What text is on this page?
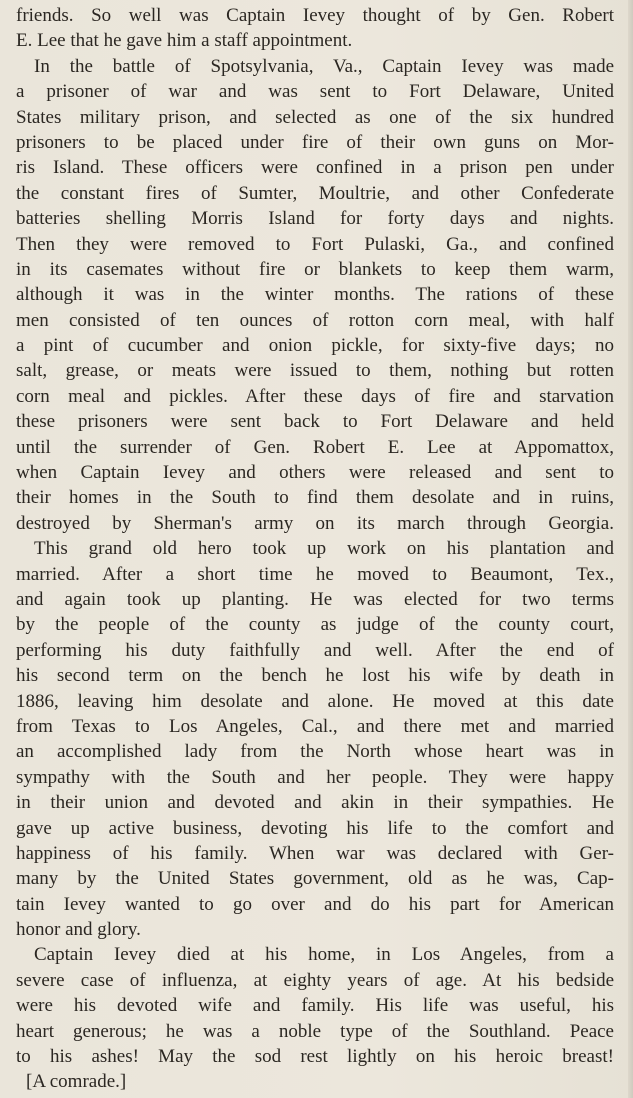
friends. So well was Captain Ievey thought of by Gen. Robert
E. Lee that he gave him a staff appointment.
In the battle of Spotsylvania, Va., Captain Ievey was made
a prisoner of war and was sent to Fort Delaware, United
States military prison, and selected as one of the six hundred
prisoners to be placed under fire of their own guns on Mor-
ris Island. These officers were confined in a prison pen under
the constant fires of Sumter, Moultrie, and other Confederate
batteries shelling Morris Island for forty days and nights.
Then they were removed to Fort Pulaski, Ga., and confined
in its casemates without fire or blankets to keep them warm,
although it was in the winter months. The rations of these
men consisted of ten ounces of rotton corn meal, with half
a pint of cucumber and onion pickle, for sixty-five days; no
salt, grease, or meats were issued to them, nothing but rotten
corn meal and pickles. After these days of fire and starvation
these prisoners were sent back to Fort Delaware and held
until the surrender of Gen. Robert E. Lee at Appomattox,
when Captain Ievey and others were released and sent to
their homes in the South to find them desolate and in ruins,
destroyed by Sherman's army on its march through Georgia.
This grand old hero took up work on his plantation and
married. After a short time he moved to Beaumont, Tex.,
and again took up planting. He was elected for two terms
by the people of the county as judge of the county court,
performing his duty faithfully and well. After the end of
his second term on the bench he lost his wife by death in
1886, leaving him desolate and alone. He moved at this date
from Texas to Los Angeles, Cal., and there met and married
an accomplished lady from the North whose heart was in
sympathy with the South and her people. They were happy
in their union and devoted and akin in their sympathies. He
gave up active business, devoting his life to the comfort and
happiness of his family. When war was declared with Ger-
many by the United States government, old as he was, Cap-
tain Ievey wanted to go over and do his part for American
honor and glory.
Captain Ievey died at his home, in Los Angeles, from a
severe case of influenza, at eighty years of age. At his bedside
were his devoted wife and family. His life was useful, his
heart generous; he was a noble type of the Southland. Peace
to his ashes! May the sod rest lightly on his heroic breast!
[A comrade.]
